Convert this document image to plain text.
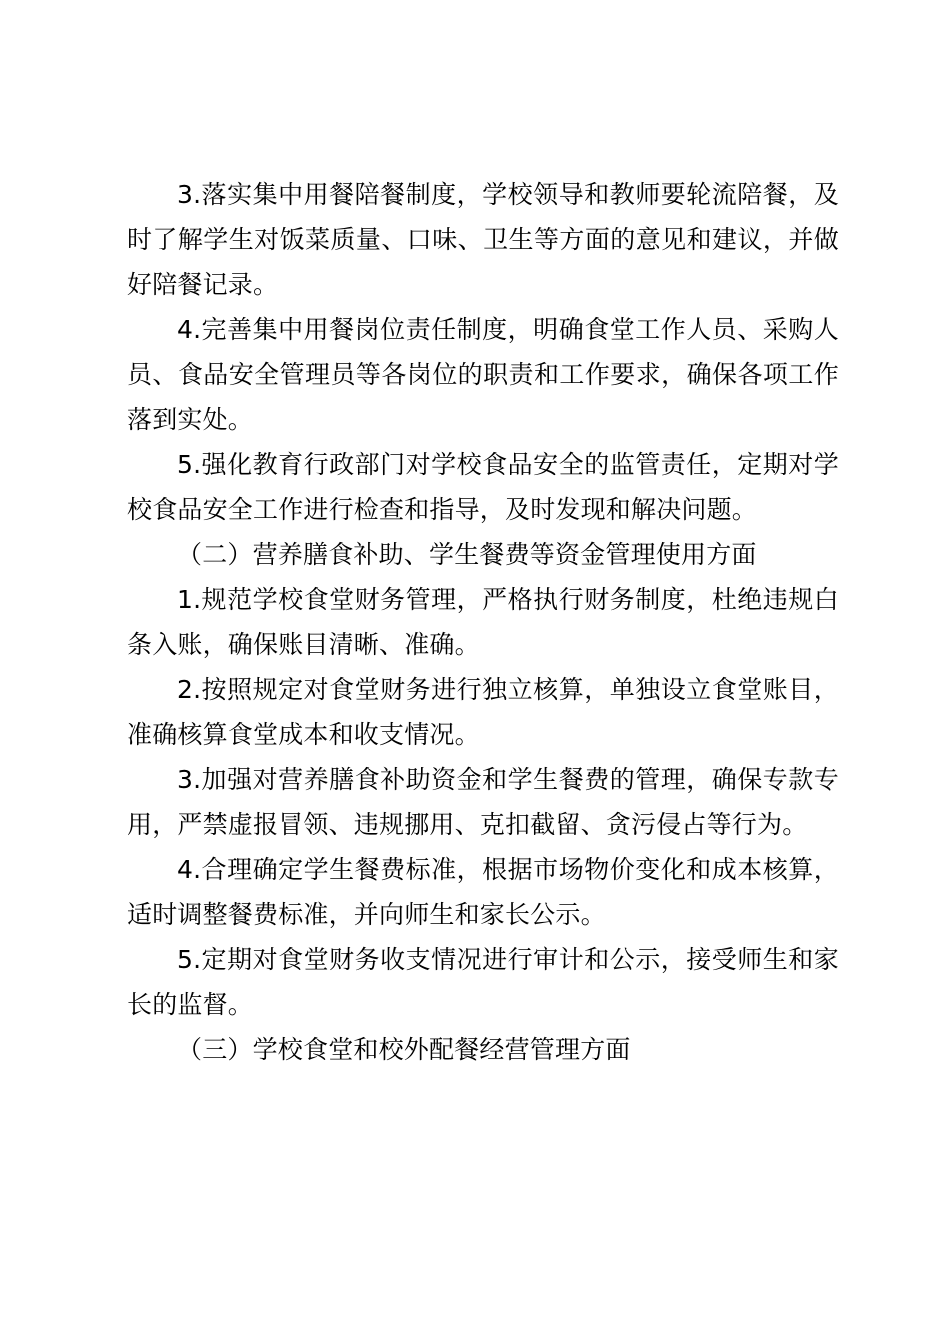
3.落实集中用餐陪餐制度，学校领导和教师要轮流陪餐，及时了解学生对饭菜质量、口味、卫生等方面的意见和建议，并做好陪餐记录。

4.完善集中用餐岗位责任制度，明确食堂工作人员、采购人员、食品安全管理员等各岗位的职责和工作要求，确保各项工作落到实处。

5.强化教育行政部门对学校食品安全的监管责任，定期对学校食品安全工作进行检查和指导，及时发现和解决问题。

（二）营养膳食补助、学生餐费等资金管理使用方面

1.规范学校食堂财务管理，严格执行财务制度，杜绝违规白条入账，确保账目清晰、准确。

2.按照规定对食堂财务进行独立核算，单独设立食堂账目，准确核算食堂成本和收支情况。

3.加强对营养膳食补助资金和学生餐费的管理，确保专款专用，严禁虚报冒领、违规挪用、克扣截留、贪污侵占等行为。

4.合理确定学生餐费标准，根据市场物价变化和成本核算，适时调整餐费标准，并向师生和家长公示。

5.定期对食堂财务收支情况进行审计和公示，接受师生和家长的监督。

（三）学校食堂和校外配餐经营管理方面
